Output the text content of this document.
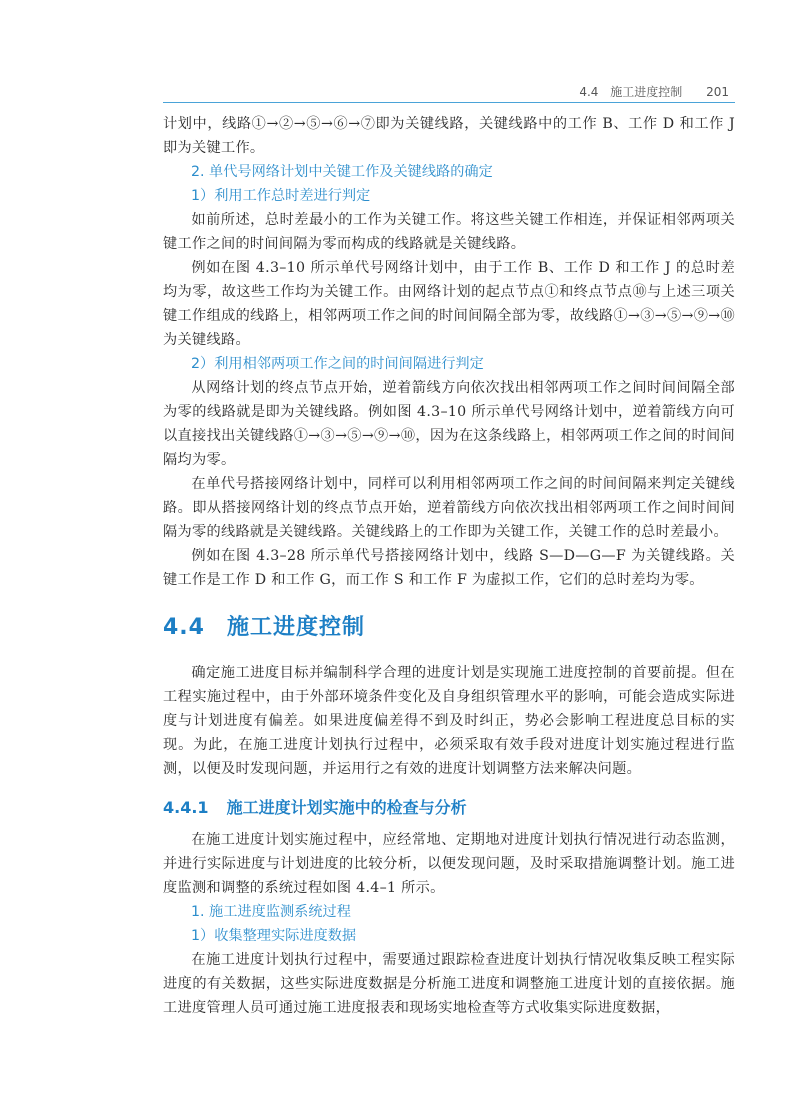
4.4 施工进度控制 201

计划中，线路①→②→⑤→⑥→⑦即为关键线路，关键线路中的工作 B、工作 D 和工作 J 即为关键工作。

2. 单代号网络计划中关键工作及关键线路的确定
1）利用工作总时差进行判定

如前所述，总时差最小的工作为关键工作。将这些关键工作相连，并保证相邻两项关键工作之间的时间间隔为零而构成的线路就是关键线路。

例如在图 4.3–10 所示单代号网络计划中，由于工作 B、工作 D 和工作 J 的总时差均为零，故这些工作均为关键工作。由网络计划的起点节点①和终点节点⑩与上述三项关键工作组成的线路上，相邻两项工作之间的时间间隔全部为零，故线路①→③→⑤→⑨→⑩为关键线路。

2）利用相邻两项工作之间的时间间隔进行判定

从网络计划的终点节点开始，逆着箭线方向依次找出相邻两项工作之间时间间隔全部为零的线路就是即为关键线路。例如图 4.3–10 所示单代号网络计划中，逆着箭线方向可以直接找出关键线路①→③→⑤→⑨→⑩，因为在这条线路上，相邻两项工作之间的时间间隔均为零。

在单代号搭接网络计划中，同样可以利用相邻两项工作之间的时间间隔来判定关键线路。即从搭接网络计划的终点节点开始，逆着箭线方向依次找出相邻两项工作之间时间间隔为零的线路就是关键线路。关键线路上的工作即为关键工作，关键工作的总时差最小。

例如在图 4.3–28 所示单代号搭接网络计划中，线路 S—D—G—F 为关键线路。关键工作是工作 D 和工作 G，而工作 S 和工作 F 为虚拟工作，它们的总时差均为零。

4.4 施工进度控制

确定施工进度目标并编制科学合理的进度计划是实现施工进度控制的首要前提。但在工程实施过程中，由于外部环境条件变化及自身组织管理水平的影响，可能会造成实际进度与计划进度有偏差。如果进度偏差得不到及时纠正，势必会影响工程进度总目标的实现。为此，在施工进度计划执行过程中，必须采取有效手段对进度计划实施过程进行监测，以便及时发现问题，并运用行之有效的进度计划调整方法来解决问题。

4.4.1 施工进度计划实施中的检查与分析

在施工进度计划实施过程中，应经常地、定期地对进度计划执行情况进行动态监测，并进行实际进度与计划进度的比较分析，以便发现问题，及时采取措施调整计划。施工进度监测和调整的系统过程如图 4.4–1 所示。

1. 施工进度监测系统过程
1）收集整理实际进度数据

在施工进度计划执行过程中，需要通过跟踪检查进度计划执行情况收集反映工程实际进度的有关数据，这些实际进度数据是分析施工进度和调整施工进度计划的直接依据。施工进度管理人员可通过施工进度报表和现场实地检查等方式收集实际进度数据，
